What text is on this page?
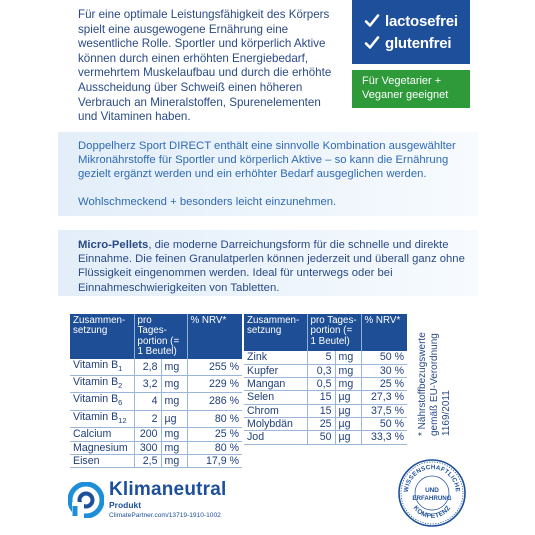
Für eine optimale Leistungsfähigkeit des Körpers spielt eine ausgewogene Ernährung eine wesentliche Rolle. Sportler und körperlich Aktive können durch einen erhöhten Energiebedarf, vermehrtem Muskelaufbau und durch die erhöhte Ausscheidung über Schweiß einen höheren Verbrauch an Mineralstoffen, Spurenelementen und Vitaminen haben.
lactosefrei
glutenfrei
Für Vegetarier +
Veganer geeignet

Doppelherz Sport DIRECT enthält eine sinnvolle Kombination ausgewählter Mikronährstoffe für Sportler und körperlich Aktive – so kann die Ernährung gezielt ergänzt werden und ein erhöhter Bedarf ausgeglichen werden.

Wohlschmeckend + besonders leicht einzunehmen.

Micro-Pellets, die moderne Darreichungsform für die schnelle und direkte Einnahme. Die feinen Granulatperlen können jederzeit und überall ganz ohne Flüssigkeit eingenommen werden. Ideal für unterwegs oder bei Einnahmeschwierigkeiten von Tabletten.

Zusammen-setzung	pro Tages-portion (= 1 Beutel)		% NRV*
Vitamin $B_1$	2,8	mg	255 %
Vitamin $B_2$	3,2	mg	229 %
Vitamin $B_6$	4	mg	286 %
Vitamin $B_{12}$	2	µg	80 %
Calcium	200	mg	25 %
Magnesium	300	mg	80 %
Eisen	2,5	mg	17,9 %
Zusammen-setzung	pro Tages-portion (= 1 Beutel)		% NRV*
Zink	5	mg	50 %
Kupfer	0,3	mg	30 %
Mangan	0,5	mg	25 %
Selen	15	µg	27,3 %
Chrom	15	µg	37,5 %
Molybdän	25	µg	50 %
Jod	50	µg	33,3 %
* Nährstoffbezugswerte gemäß EU-Verordnung 1169/2011
Klimaneutral
Produkt
ClimatePartner.com/13719-1910-1002
WISSENSCHAFTLICHE
KOMPETENZ
UND
ERFAHRUNG
